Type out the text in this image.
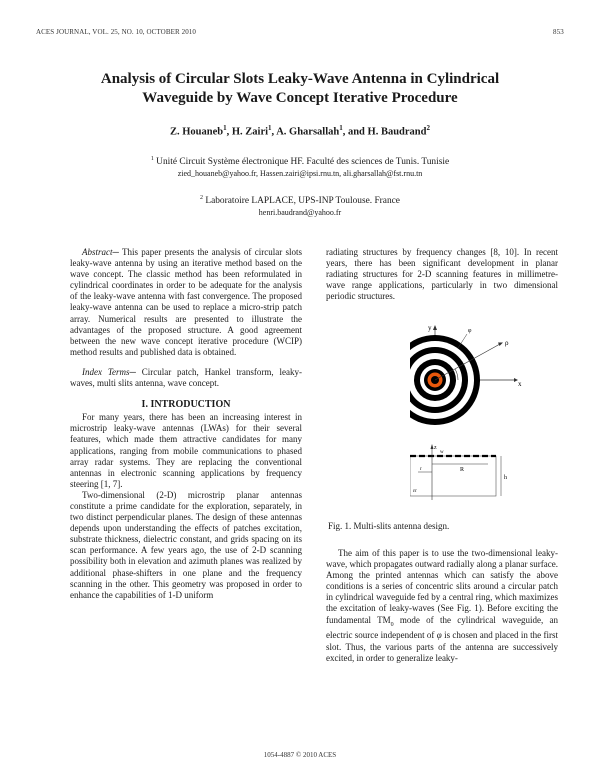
ACES JOURNAL, VOL. 25, NO. 10, OCTOBER 2010	853
Analysis of Circular Slots Leaky-Wave Antenna in Cylindrical
Waveguide by Wave Concept Iterative Procedure
Z. Houaneb$^1$, H. Zairi$^1$, A. Gharsallah$^1$, and H. Baudrand$^2$
$^1$ Unité Circuit Système électronique HF. Faculté des sciences de Tunis. Tunisie
zied_houaneb@yahoo.fr, Hassen.zairi@ipsi.rnu.tn, ali.gharsallah@fst.rnu.tn
$^2$ Laboratoire LAPLACE, UPS-INP Toulouse. France
henri.baudrand@yahoo.fr

Abstract─ This paper presents the analysis of circular slots leaky-wave antenna by using an iterative method based on the wave concept. The classic method has been reformulated in cylindrical coordinates in order to be adequate for the analysis of the leaky-wave antenna with fast convergence. The proposed leaky-wave antenna can be used to replace a micro-strip patch array. Numerical results are presented to illustrate the advantages of the proposed structure. A good agreement between the new wave concept iterative procedure (WCIP) method results and published data is obtained.

Index Terms─ Circular patch, Hankel transform, leaky-waves, multi slits antenna, wave concept.

I. INTRODUCTION

For many years, there has been an increasing interest in microstrip leaky-wave antennas (LWAs) for their several features, which made them attractive candidates for many applications, ranging from mobile communications to phased array radar systems. They are replacing the conventional antennas in electronic scanning applications by frequency steering [1, 7].

Two-dimensional (2-D) microstrip planar antennas constitute a prime candidate for the exploration, separately, in two distinct perpendicular planes. The design of these antennas depends upon understanding the effects of patches excitation, substrate thickness, dielectric constant, and grids spacing on its scan performance. A few years ago, the use of 2-D scanning possibility both in elevation and azimuth planes was realized by additional phase-shifters in one plane and the frequency scanning in the other. This geometry was proposed in order to enhance the capabilities of 1-D uniform

radiating structures by frequency changes [8, 10]. In recent years, there has been significant development in planar radiating structures for 2-D scanning features in millimetre-wave range applications, particularly in two dimensional periodic structures.

y
x
ρ
φ
z
w
r	R
h
εr
Fig. 1. Multi-slits antenna design.

The aim of this paper is to use the two-dimensional leaky-wave, which propagates outward radially along a planar surface. Among the printed antennas which can satisfy the above conditions is a series of concentric slits around a circular patch in cylindrical waveguide fed by a central ring, which maximizes the excitation of leaky-waves (See Fig. 1). Before exciting the fundamental $TM_0$ mode of the cylindrical waveguide, an electric source independent of φ is chosen and placed in the first slot. Thus, the various parts of the antenna are successively excited, in order to generalize leaky-

1054-4887 © 2010 ACES
